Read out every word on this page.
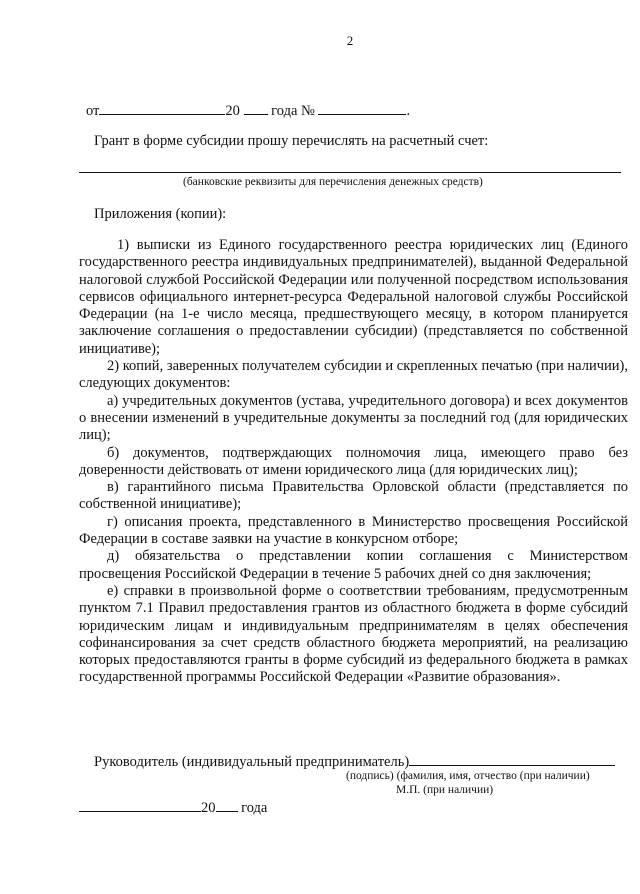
2
от	20 года №	.
Грант в форме субсидии прошу перечислять на расчетный счет:
(банковские реквизиты для перечисления денежных средств)
Приложения (копии):

1) выписки из Единого государственного реестра юридических лиц (Единого государственного реестра индивидуальных предпринимателей), выданной Федеральной налоговой службой Российской Федерации или полученной посредством использования сервисов официального интернет-ресурса Федеральной налоговой службы Российской Федерации (на 1-е число месяца, предшествующего месяцу, в котором планируется заключение соглашения о предоставлении субсидии) (представляется по собственной инициативе);

2) копий, заверенных получателем субсидии и скрепленных печатью (при наличии), следующих документов:

а) учредительных документов (устава, учредительного договора) и всех документов о внесении изменений в учредительные документы за последний год (для юридических лиц);

б) документов, подтверждающих полномочия лица, имеющего право без доверенности действовать от имени юридического лица (для юридических лиц);

в) гарантийного письма Правительства Орловской области (представляется по собственной инициативе);

г) описания проекта, представленного в Министерство просвещения Российской Федерации в составе заявки на участие в конкурсном отборе;

д) обязательства о представлении копии соглашения с Министерством просвещения Российской Федерации в течение 5 рабочих дней со дня заключения;

е) справки в произвольной форме о соответствии требованиям, предусмотренным пунктом 7.1 Правил предоставления грантов из областного бюджета в форме субсидий юридическим лицам и индивидуальным предпринимателям в целях обеспечения софинансирования за счет средств областного бюджета мероприятий, на реализацию которых предоставляются гранты в форме субсидий из федерального бюджета в рамках государственной программы Российской Федерации «Развитие образования».

Руководитель (индивидуальный предприниматель)
(подпись) (фамилия, имя, отчество (при наличии)
М.П. (при наличии)
20 года
